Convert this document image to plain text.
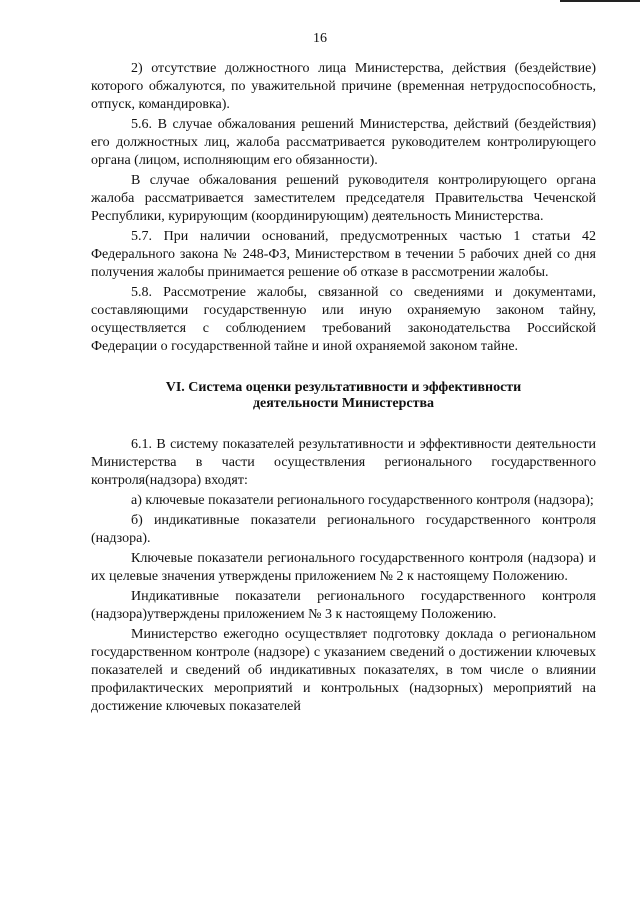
16

2) отсутствие должностного лица Министерства, действия (бездействие) которого обжалуются, по уважительной причине (временная нетрудоспособность, отпуск, командировка).

5.6. В случае обжалования решений Министерства, действий (бездействия) его должностных лиц, жалоба рассматривается руководителем контролирующего органа (лицом, исполняющим его обязанности).

В случае обжалования решений руководителя контролирующего органа жалоба рассматривается заместителем председателя Правительства Чеченской Республики, курирующим (координирующим) деятельность Министерства.

5.7. При наличии оснований, предусмотренных частью 1 статьи 42 Федерального закона № 248-ФЗ, Министерством в течении 5 рабочих дней со дня получения жалобы принимается решение об отказе в рассмотрении жалобы.

5.8. Рассмотрение жалобы, связанной со сведениями и документами, составляющими государственную или иную охраняемую законом тайну, осуществляется с соблюдением требований законодательства Российской Федерации о государственной тайне и иной охраняемой законом тайне.

VI. Система оценки результативности и эффективности
деятельности Министерства

6.1. В систему показателей результативности и эффективности деятельности Министерства в части осуществления регионального государственного контроля(надзора) входят:

а) ключевые показатели регионального государственного контроля (надзора);

б) индикативные показатели регионального государственного контроля (надзора).

Ключевые показатели регионального государственного контроля (надзора) и их целевые значения утверждены приложением № 2 к настоящему Положению.

Индикативные показатели регионального государственного контроля (надзора)утверждены приложением № 3 к настоящему Положению.

Министерство ежегодно осуществляет подготовку доклада о региональном государственном контроле (надзоре) с указанием сведений о достижении ключевых показателей и сведений об индикативных показателях, в том числе о влиянии профилактических мероприятий и контрольных (надзорных) мероприятий на достижение ключевых показателей
